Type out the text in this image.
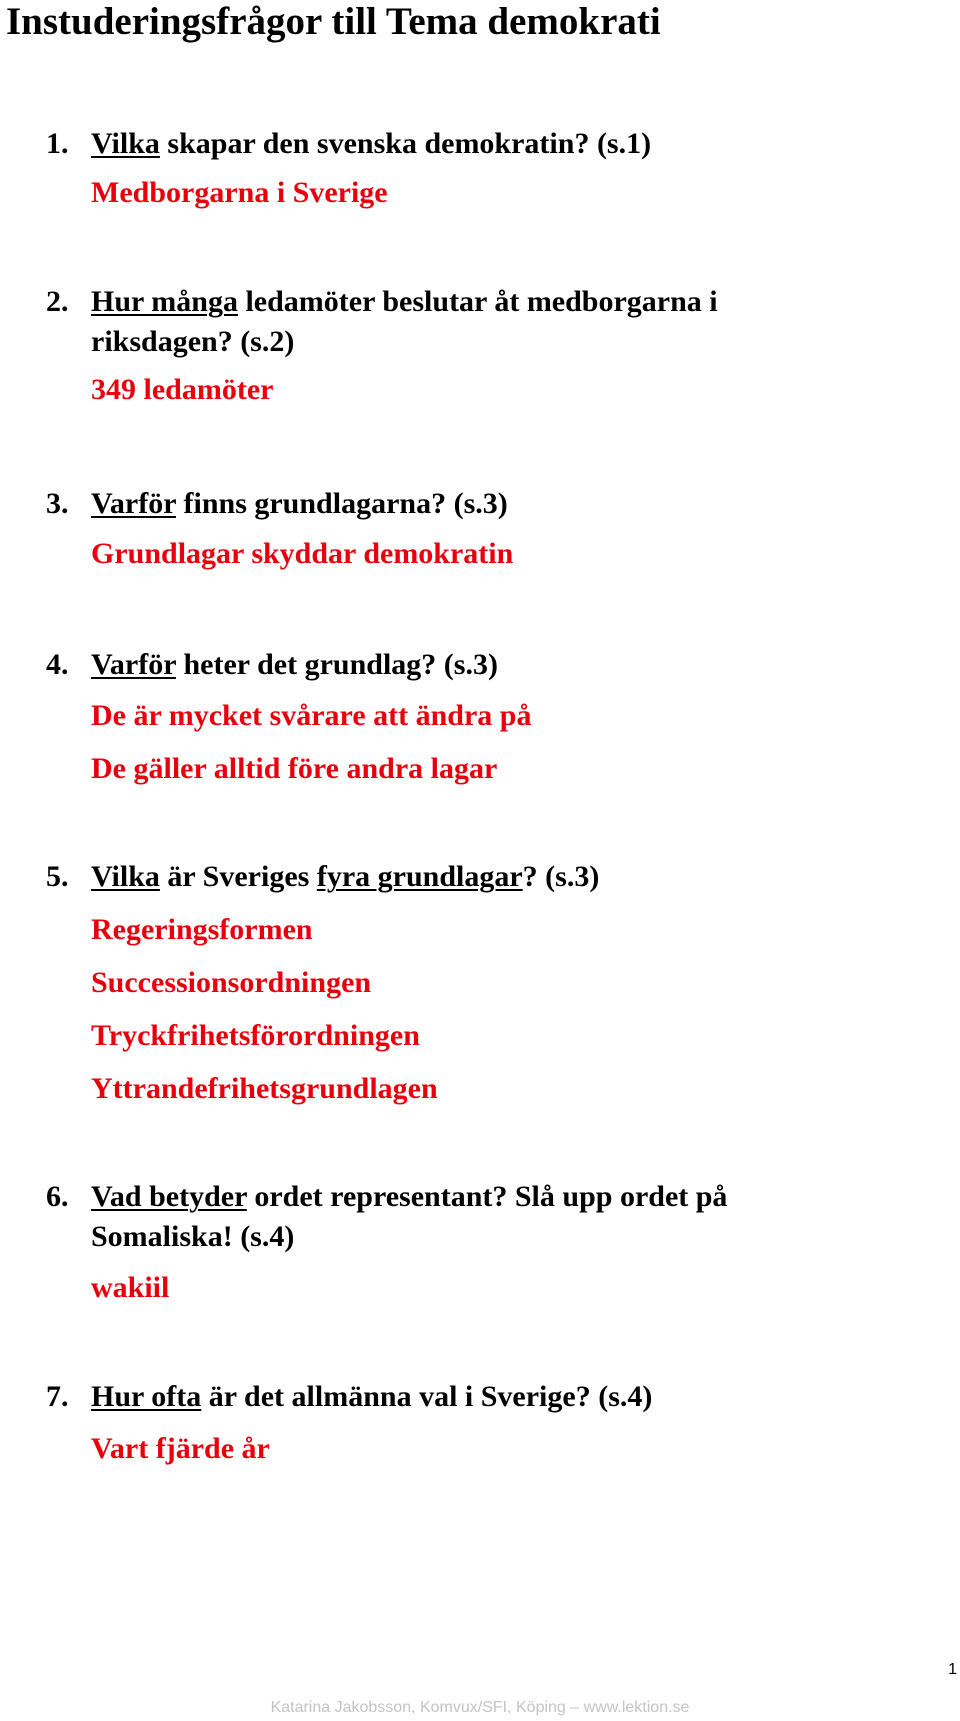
Instuderingsfrågor till Tema demokrati
1. Vilka skapar den svenska demokratin? (s.1)
Medborgarna i Sverige
2. Hur många ledamöter beslutar åt medborgarna i riksdagen? (s.2)
349 ledamöter
3. Varför finns grundlagarna? (s.3)
Grundlagar skyddar demokratin
4. Varför heter det grundlag? (s.3)
De är mycket svårare att ändra på
De gäller alltid före andra lagar
5. Vilka är Sveriges fyra grundlagar? (s.3)
Regeringsformen
Successionsordningen
Tryckfrihetsförordningen
Yttrandefrihetsgrundlagen
6. Vad betyder ordet representant? Slå upp ordet på Somaliska! (s.4)
wakiil
7. Hur ofta är det allmänna val i Sverige? (s.4)
Vart fjärde år
1
Katarina Jakobsson, Komvux/SFI, Köping – www.lektion.se
